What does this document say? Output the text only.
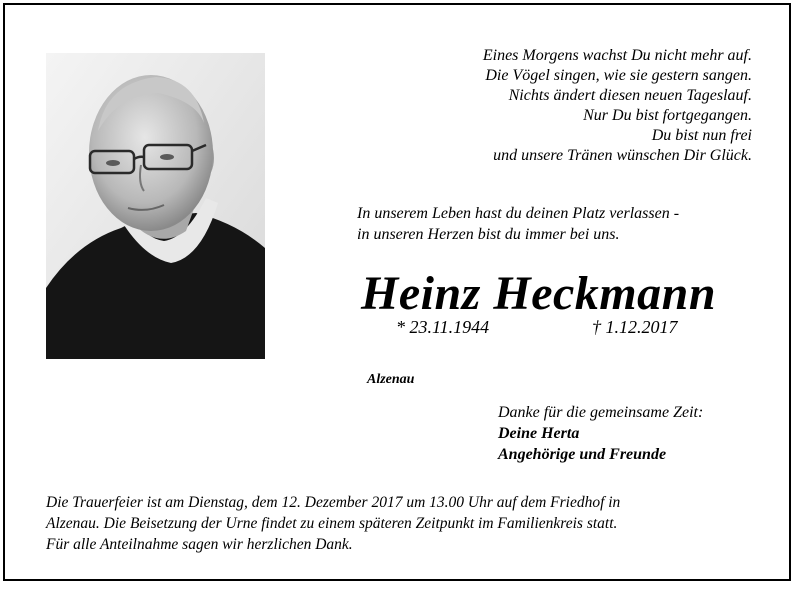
Eines Morgens wachst Du nicht mehr auf.
Die Vögel singen, wie sie gestern sangen.
Nichts ändert diesen neuen Tageslauf.
Nur Du bist fortgegangen.
Du bist nun frei
und unsere Tränen wünschen Dir Glück.
In unserem Leben hast du deinen Platz verlassen -
in unseren Herzen bist du immer bei uns.
Heinz Heckmann
* 23.11.1944	† 1.12.2017
Alzenau
Danke für die gemeinsame Zeit:
Deine Herta
Angehörige und Freunde
Die Trauerfeier ist am Dienstag, dem 12. Dezember 2017 um 13.00 Uhr auf dem Friedhof in
Alzenau. Die Beisetzung der Urne findet zu einem späteren Zeitpunkt im Familienkreis statt.
Für alle Anteilnahme sagen wir herzlichen Dank.
